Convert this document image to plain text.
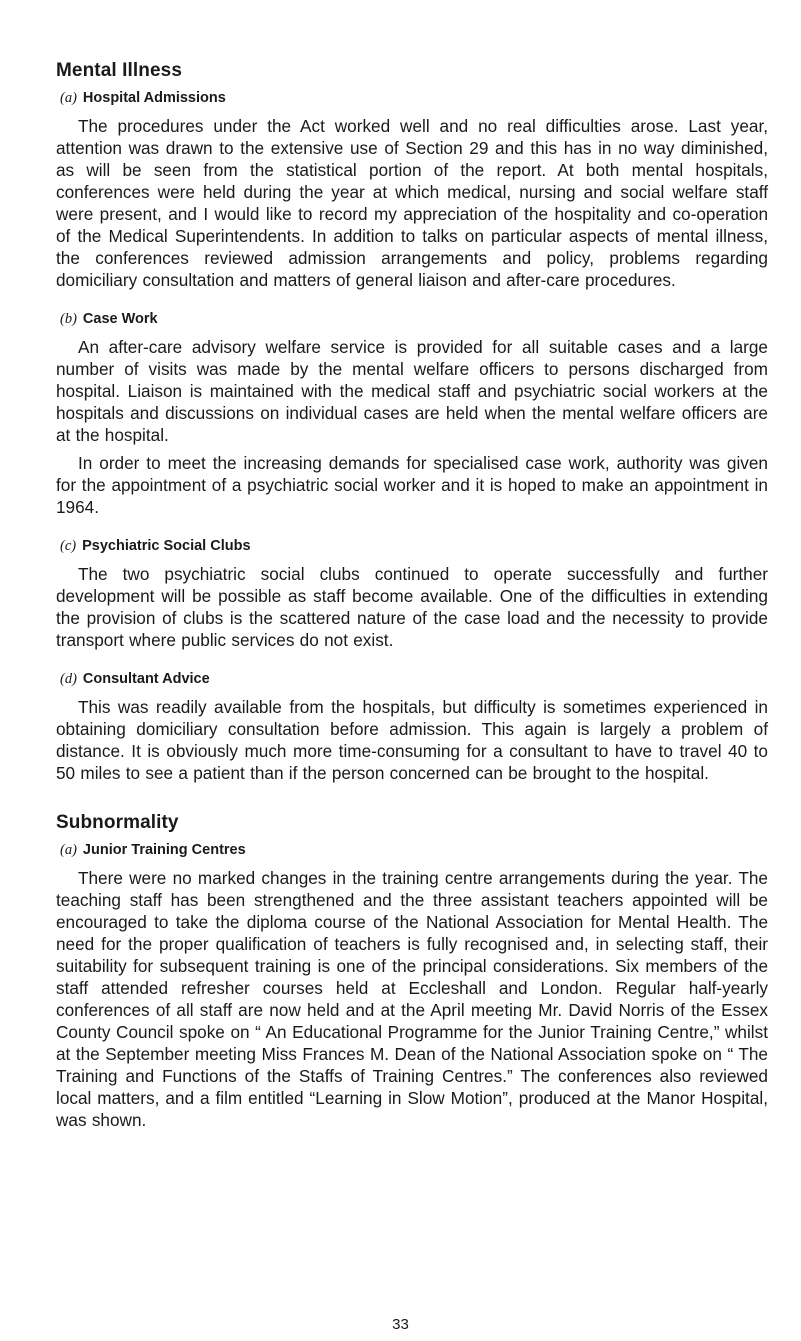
Mental Illness
(a) Hospital Admissions

The procedures under the Act worked well and no real difficulties arose. Last year, attention was drawn to the extensive use of Section 29 and this has in no way diminished, as will be seen from the statistical portion of the report. At both mental hospitals, conferences were held during the year at which medical, nursing and social welfare staff were present, and I would like to record my appreciation of the hospitality and co-operation of the Medical Superintendents. In addition to talks on particular aspects of mental illness, the conferences reviewed admission arrangements and policy, problems regarding domiciliary consultation and matters of general liaison and after-care procedures.

(b) Case Work

An after-care advisory welfare service is provided for all suitable cases and a large number of visits was made by the mental welfare officers to persons discharged from hospital. Liaison is maintained with the medical staff and psychiatric social workers at the hospitals and discussions on individual cases are held when the mental welfare officers are at the hospital.

In order to meet the increasing demands for specialised case work, authority was given for the appointment of a psychiatric social worker and it is hoped to make an appointment in 1964.

(c) Psychiatric Social Clubs

The two psychiatric social clubs continued to operate successfully and further development will be possible as staff become available. One of the difficulties in extending the provision of clubs is the scattered nature of the case load and the necessity to provide transport where public services do not exist.

(d) Consultant Advice

This was readily available from the hospitals, but difficulty is sometimes experienced in obtaining domiciliary consultation before admission. This again is largely a problem of distance. It is obviously much more time-consuming for a consultant to have to travel 40 to 50 miles to see a patient than if the person concerned can be brought to the hospital.

Subnormality
(a) Junior Training Centres

There were no marked changes in the training centre arrangements during the year. The teaching staff has been strengthened and the three assistant teachers appointed will be encouraged to take the diploma course of the National Association for Mental Health. The need for the proper qualification of teachers is fully recognised and, in selecting staff, their suitability for subsequent training is one of the principal considerations. Six members of the staff attended refresher courses held at Eccleshall and London. Regular half-yearly conferences of all staff are now held and at the April meeting Mr. David Norris of the Essex County Council spoke on “ An Educational Programme for the Junior Training Centre,” whilst at the September meeting Miss Frances M. Dean of the National Association spoke on “ The Training and Functions of the Staffs of Training Centres.” The conferences also reviewed local matters, and a film entitled “Learning in Slow Motion”, produced at the Manor Hospital, was shown.

33
